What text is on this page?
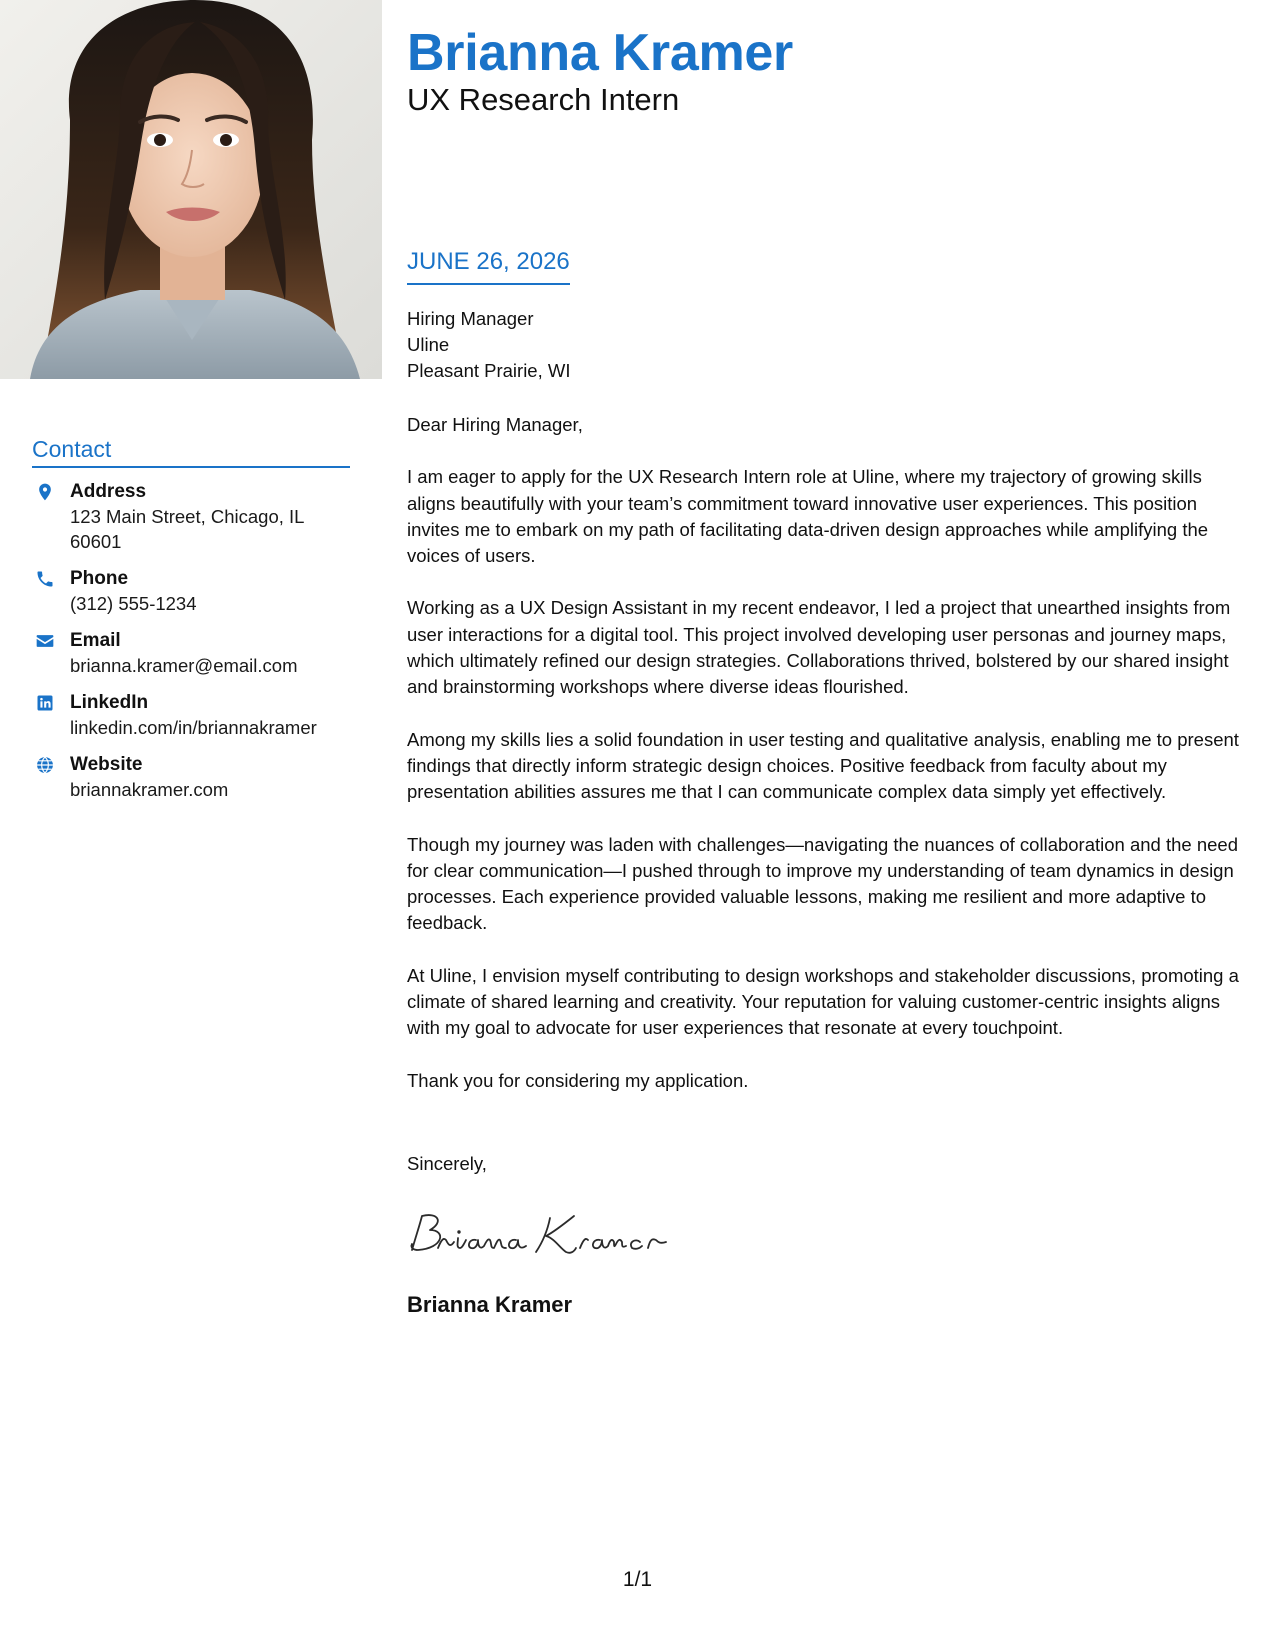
Contact
Address
123 Main Street, Chicago, IL 60601
Phone
(312) 555-1234
Email
brianna.kramer@email.com
LinkedIn
linkedin.com/in/briannakramer
Website
briannakramer.com
Brianna Kramer
UX Research Intern
JUNE 26, 2026
Hiring Manager
Uline
Pleasant Prairie, WI
Dear Hiring Manager,

I am eager to apply for the UX Research Intern role at Uline, where my trajectory of growing skills aligns beautifully with your team’s commitment toward innovative user experiences. This position invites me to embark on my path of facilitating data-driven design approaches while amplifying the voices of users.

Working as a UX Design Assistant in my recent endeavor, I led a project that unearthed insights from user interactions for a digital tool. This project involved developing user personas and journey maps, which ultimately refined our design strategies. Collaborations thrived, bolstered by our shared insight and brainstorming workshops where diverse ideas flourished.

Among my skills lies a solid foundation in user testing and qualitative analysis, enabling me to present findings that directly inform strategic design choices. Positive feedback from faculty about my presentation abilities assures me that I can communicate complex data simply yet effectively.

Though my journey was laden with challenges—navigating the nuances of collaboration and the need for clear communication—I pushed through to improve my understanding of team dynamics in design processes. Each experience provided valuable lessons, making me resilient and more adaptive to feedback.

At Uline, I envision myself contributing to design workshops and stakeholder discussions, promoting a climate of shared learning and creativity. Your reputation for valuing customer-centric insights aligns with my goal to advocate for user experiences that resonate at every touchpoint.

Thank you for considering my application.

Sincerely,
Brianna Kramer
1/1
